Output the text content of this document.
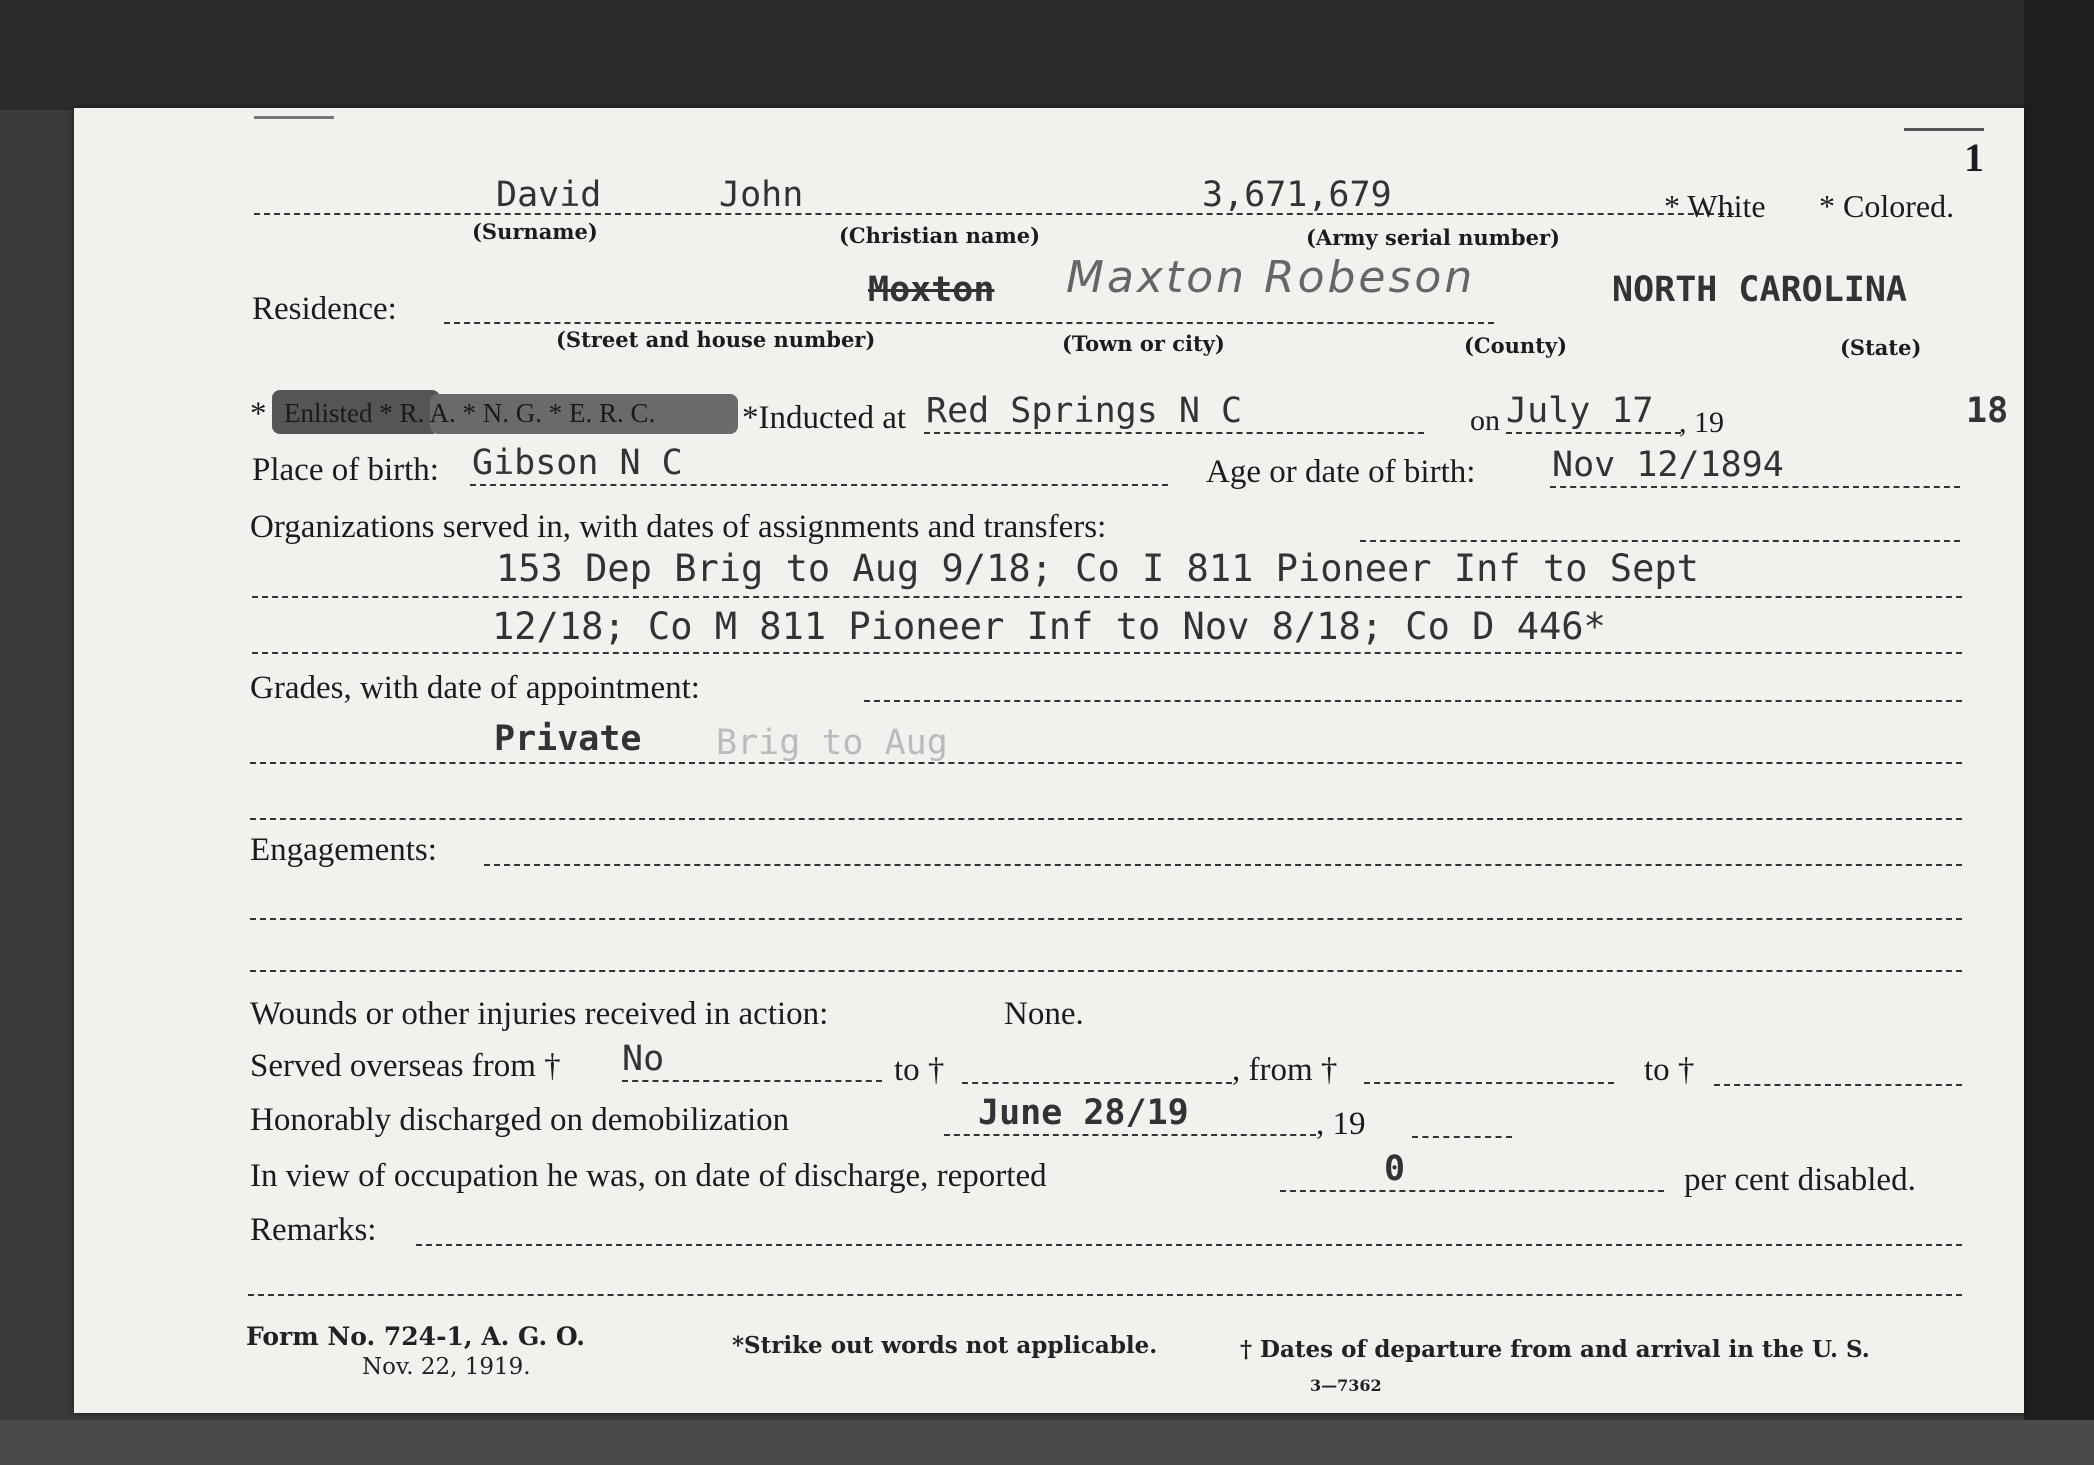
1
David	John	3,671,679	* White * Colored.
(Surname)	(Christian name)	(Army serial number)
Residence:	Moxton Maxton Robeson	NORTH CAROLINA
(Street and house number)	(Town or city)	(County)	(State)
* Enlisted * R. A. * N. G. * E. R. C.	*Inducted at Red Springs N C	on July 17 , 19	18
Place of birth: Gibson N C	Age or date of birth: Nov 12/1894
Organizations served in, with dates of assignments and transfers:
153 Dep Brig to Aug 9/18; Co I 811 Pioneer Inf to Sept
12/18; Co M 811 Pioneer Inf to Nov 8/18; Co D 446*
Grades, with date of appointment:
Private Brig to Aug
Engagements:
Wounds or other injuries received in action:	None.
Served overseas from † No	to †	, from †	to †
Honorably discharged on demobilization	June 28/19	, 19
In view of occupation he was, on date of discharge, reported	0	per cent disabled.
Remarks:
Form No. 724-1, A. G. O.
Nov. 22, 1919.
*Strike out words not applicable.	† Dates of departure from and arrival in the U. S.
3—7362
